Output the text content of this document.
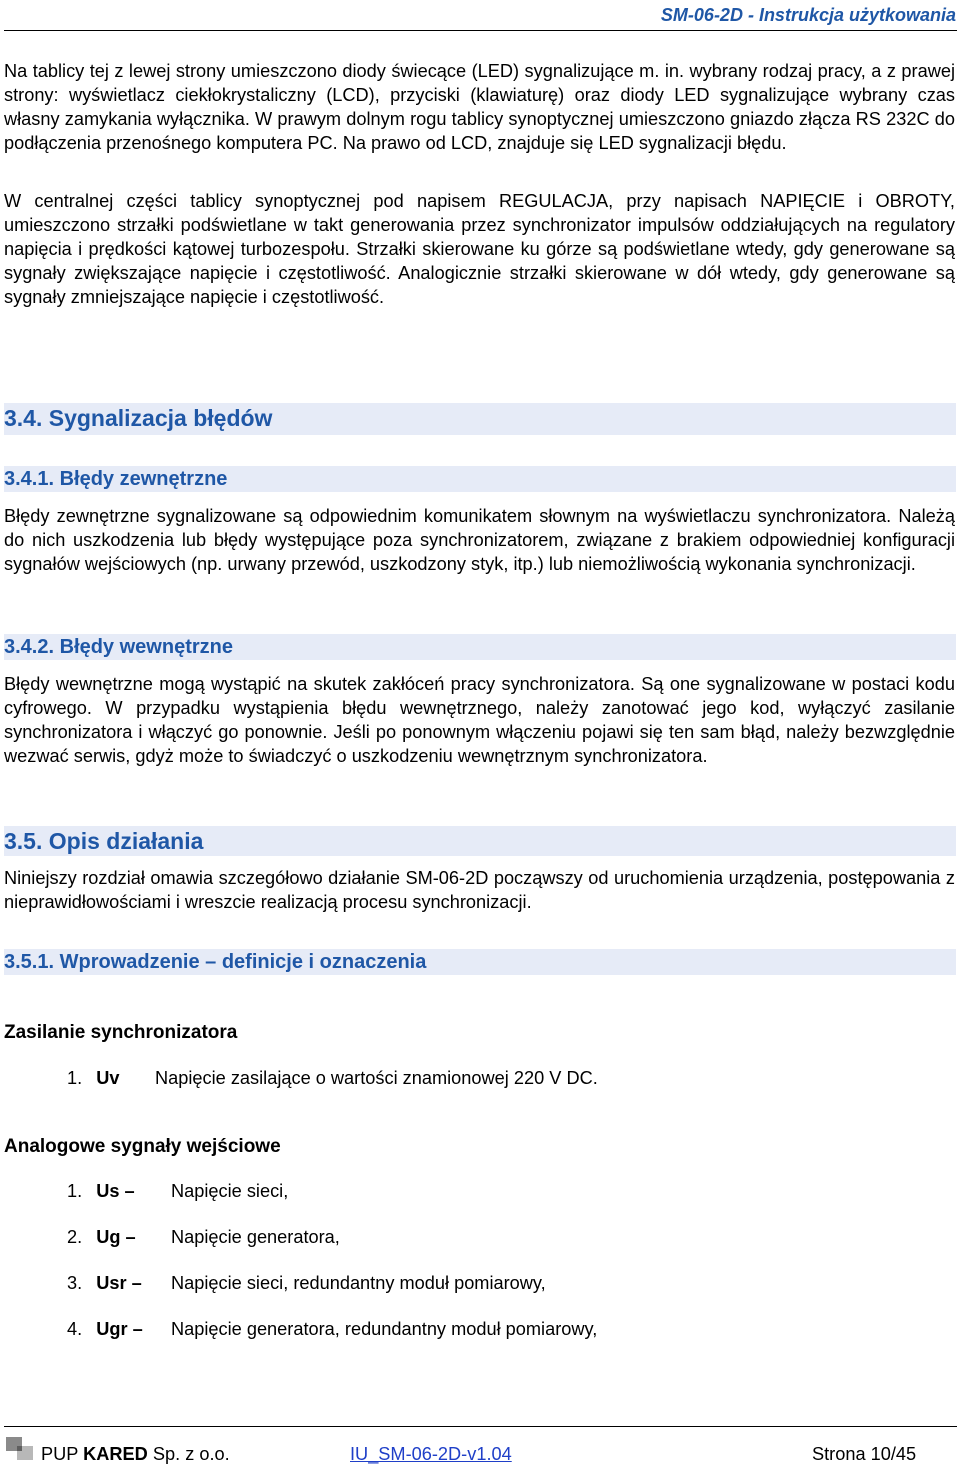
SM-06-2D - Instrukcja użytkowania

Na tablicy tej z lewej strony umieszczono diody świecące (LED) sygnalizujące m. in. wybrany rodzaj pracy, a z prawej strony: wyświetlacz ciekłokrystaliczny (LCD), przyciski (klawiaturę) oraz diody LED sygnalizujące wybrany czas własny zamykania wyłącznika. W prawym dolnym rogu tablicy synoptycznej umieszczono gniazdo złącza RS 232C do podłączenia przenośnego komputera PC. Na prawo od LCD, znajduje się LED sygnalizacji błędu.

W centralnej części tablicy synoptycznej pod napisem REGULACJA, przy napisach NAPIĘCIE i OBROTY, umieszczono strzałki podświetlane w takt generowania przez synchronizator impulsów oddziałujących na regulatory napięcia i prędkości kątowej turbozespołu. Strzałki skierowane ku górze są podświetlane wtedy, gdy generowane są sygnały zwiększające napięcie i częstotliwość. Analogicznie strzałki skierowane w dół wtedy, gdy generowane są sygnały zmniejszające napięcie i częstotliwość.

3.4. Sygnalizacja błędów
3.4.1. Błędy zewnętrzne

Błędy zewnętrzne sygnalizowane są odpowiednim komunikatem słownym na wyświetlaczu synchronizatora. Należą do nich uszkodzenia lub błędy występujące poza synchronizatorem, związane z brakiem odpowiedniej konfiguracji sygnałów wejściowych (np. urwany przewód, uszkodzony styk, itp.) lub niemożliwością wykonania synchronizacji.

3.4.2. Błędy wewnętrzne

Błędy wewnętrzne mogą wystąpić na skutek zakłóceń pracy synchronizatora. Są one sygnalizowane w postaci kodu cyfrowego. W przypadku wystąpienia błędu wewnętrznego, należy zanotować jego kod, wyłączyć zasilanie synchronizatora i włączyć go ponownie. Jeśli po ponownym włączeniu pojawi się ten sam błąd, należy bezwzględnie wezwać serwis, gdyż może to świadczyć o uszkodzeniu wewnętrznym synchronizatora.

3.5. Opis działania

Niniejszy rozdział omawia szczegółowo działanie SM-06-2D począwszy od uruchomienia urządzenia, postępowania z nieprawidłowościami i wreszcie realizacją procesu synchronizacji.

3.5.1. Wprowadzenie – definicje i oznaczenia
Zasilanie synchronizatora
1. Uv Napięcie zasilające o wartości znamionowej 220 V DC.
Analogowe sygnały wejściowe
1. Us – Napięcie sieci,
2. Ug – Napięcie generatora,
3. Usr – Napięcie sieci, redundantny moduł pomiarowy,
4. Ugr – Napięcie generatora, redundantny moduł pomiarowy,
PUP KARED Sp. z o.o.	IU_SM-06-2D-v1.04	Strona 10/45
